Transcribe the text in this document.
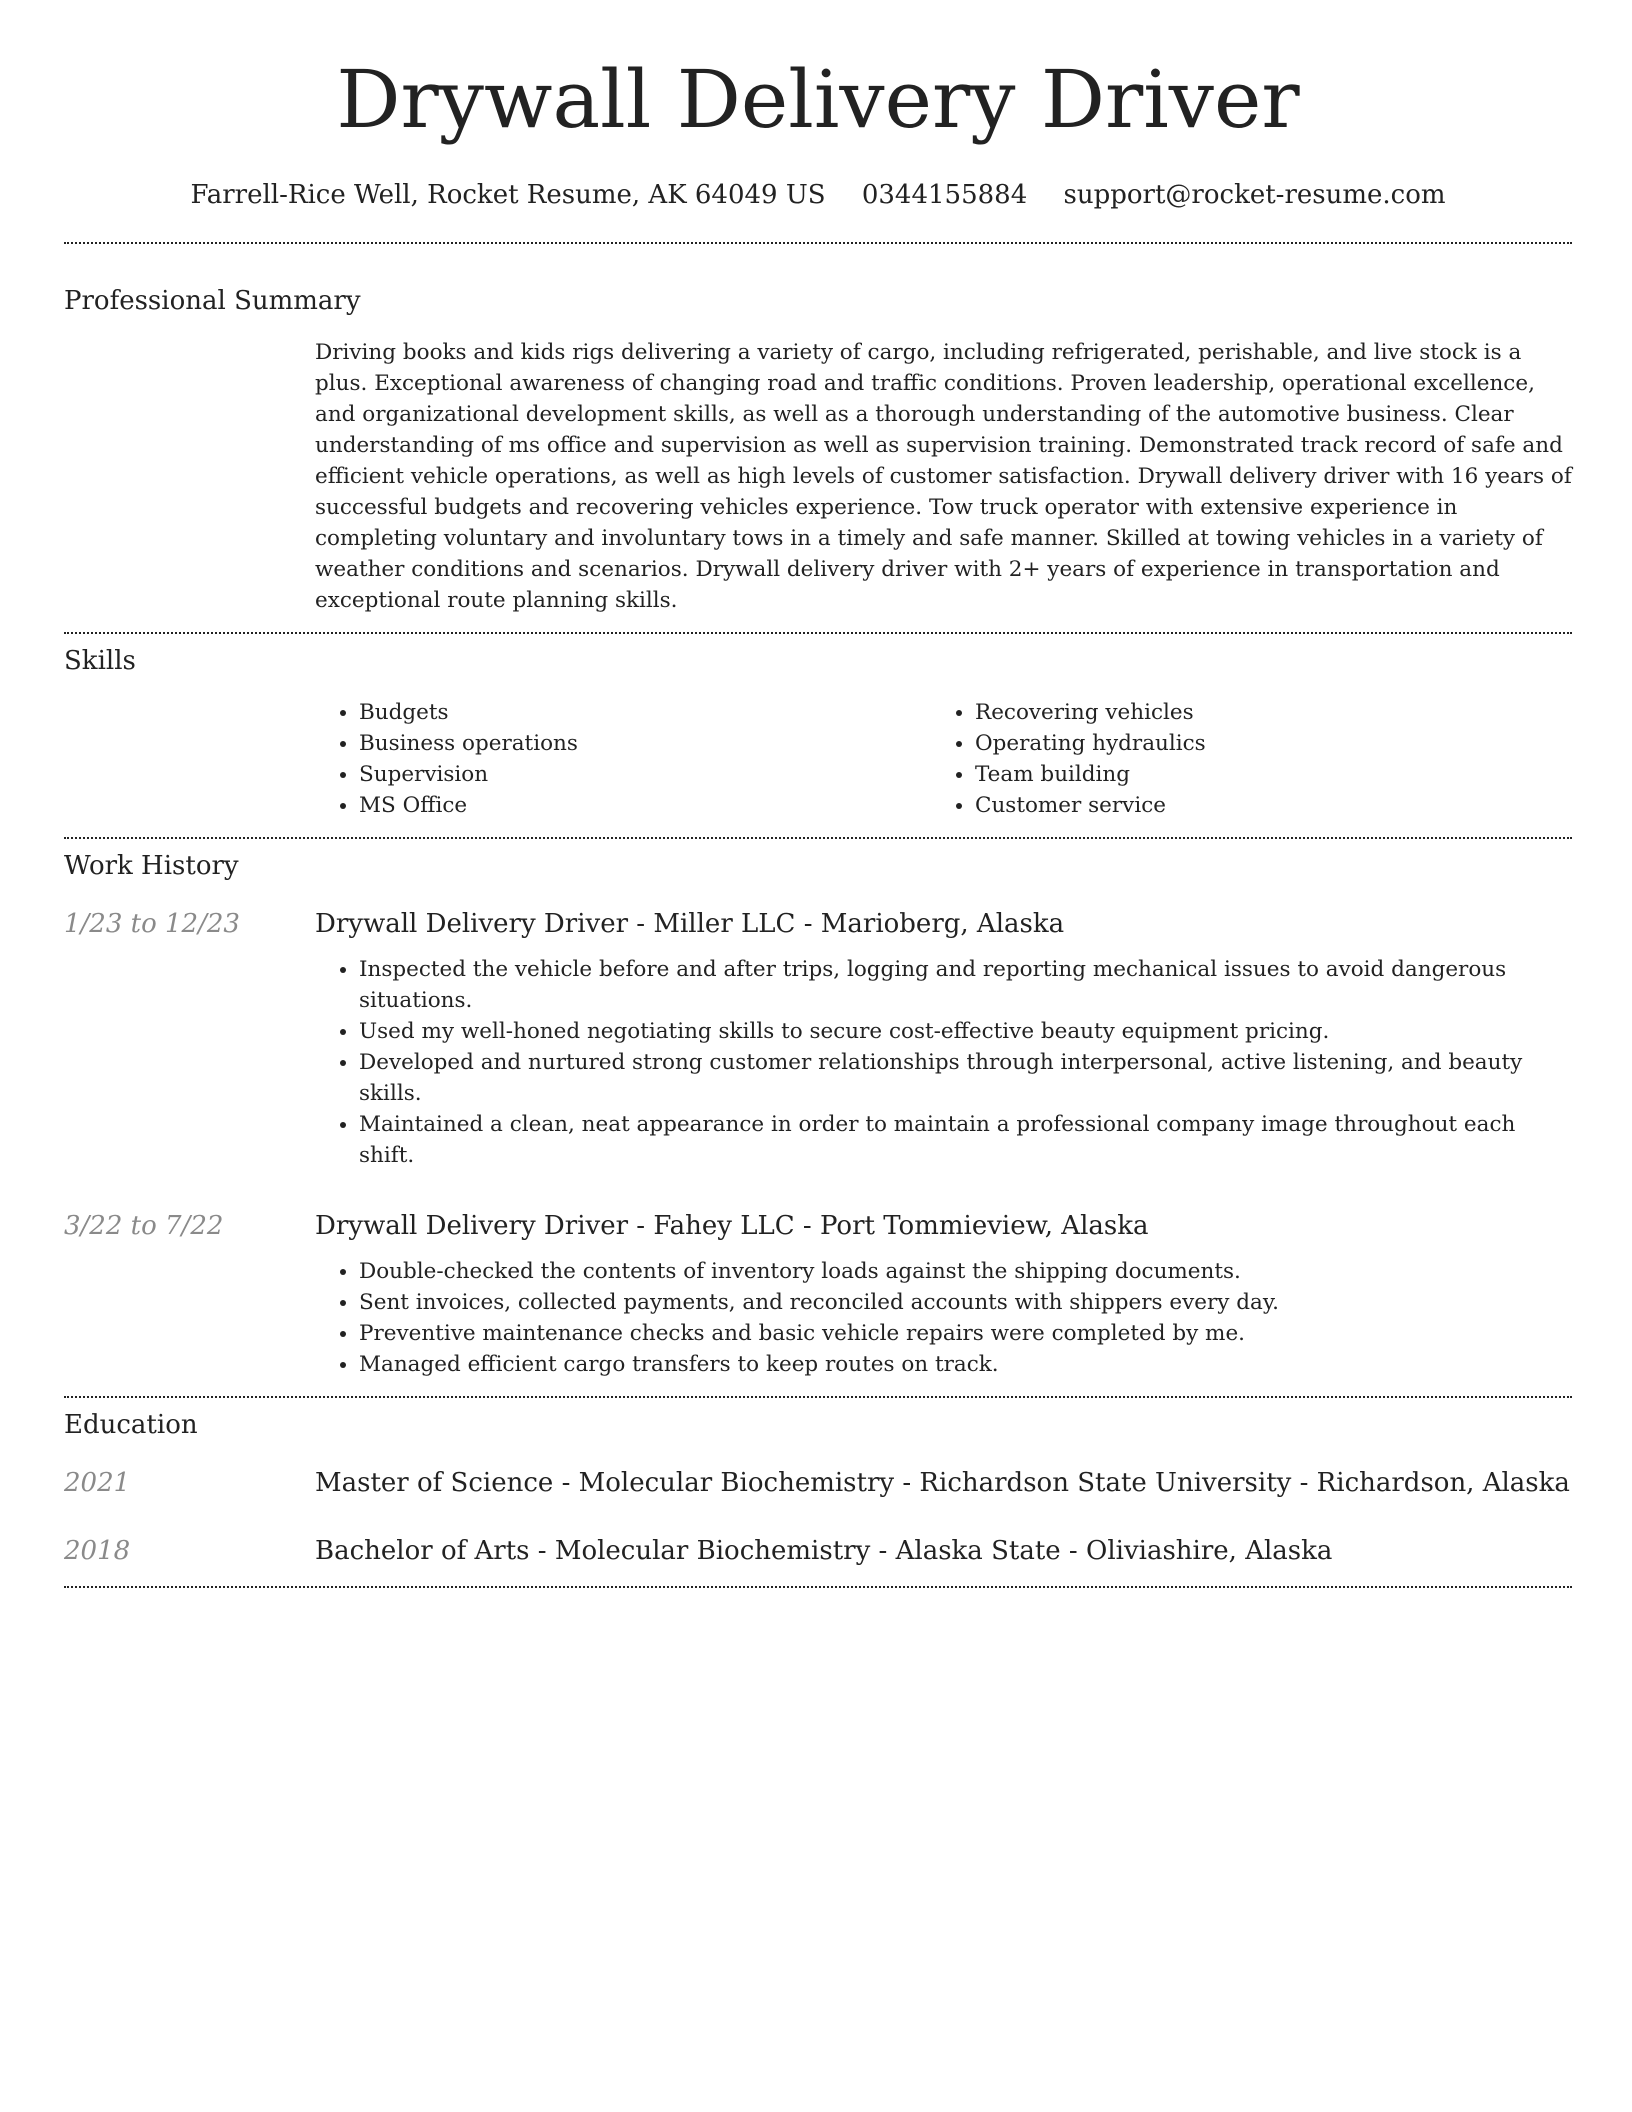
Drywall Delivery Driver
Farrell-Rice Well, Rocket Resume, AK 64049 US 0344155884 support@rocket-resume.com
Professional Summary

Driving books and kids rigs delivering a variety of cargo, including refrigerated, perishable, and live stock is a plus. Exceptional awareness of changing road and traffic conditions. Proven leadership, operational excellence, and organizational development skills, as well as a thorough understanding of the automotive business. Clear understanding of ms office and supervision as well as supervision training. Demonstrated track record of safe and efficient vehicle operations, as well as high levels of customer satisfaction. Drywall delivery driver with 16 years of successful budgets and recovering vehicles experience. Tow truck operator with extensive experience in completing voluntary and involuntary tows in a timely and safe manner. Skilled at towing vehicles in a variety of weather conditions and scenarios. Drywall delivery driver with 2+ years of experience in transportation and exceptional route planning skills.

Skills
• Budgets
• Business operations
• Supervision
• MS Office
• Recovering vehicles
• Operating hydraulics
• Team building
• Customer service
Work History
1/23 to 12/23	Drywall Delivery Driver - Miller LLC - Marioberg, Alaska
• Inspected the vehicle before and after trips, logging and reporting mechanical issues to avoid dangerous situations.
• Used my well-honed negotiating skills to secure cost-effective beauty equipment pricing.
• Developed and nurtured strong customer relationships through interpersonal, active listening, and beauty skills.
• Maintained a clean, neat appearance in order to maintain a professional company image throughout each shift.
3/22 to 7/22	Drywall Delivery Driver - Fahey LLC - Port Tommieview, Alaska
• Double-checked the contents of inventory loads against the shipping documents.
• Sent invoices, collected payments, and reconciled accounts with shippers every day.
• Preventive maintenance checks and basic vehicle repairs were completed by me.
• Managed efficient cargo transfers to keep routes on track.
Education
2021	Master of Science - Molecular Biochemistry - Richardson State University - Richardson, Alaska
2018	Bachelor of Arts - Molecular Biochemistry - Alaska State - Oliviashire, Alaska
